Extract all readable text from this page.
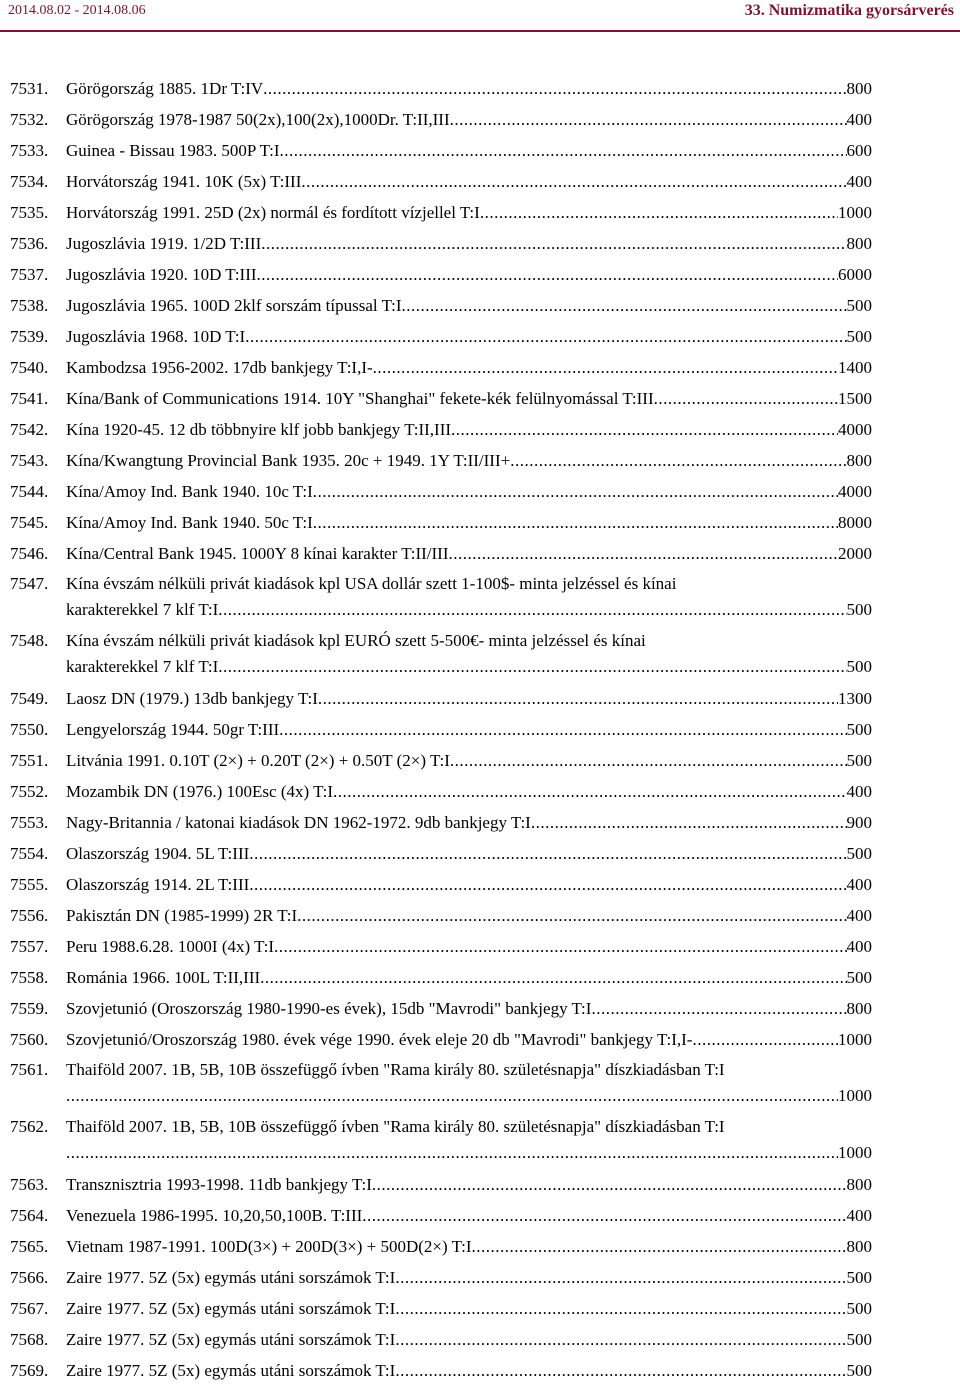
2014.08.02 - 2014.08.06	33. Numizmatika gyorsárverés
7531.	Görögország 1885. 1Dr T:IV .....	800
7532.	Görögország 1978-1987 50(2x),100(2x),1000Dr. T:II,III .....	400
7533.	Guinea - Bissau 1983. 500P T:I .....	600
7534.	Horvátország 1941. 10K (5x) T:III .....	400
7535.	Horvátország 1991. 25D (2x) normál és fordított vízjellel T:I .....	1000
7536.	Jugoszlávia 1919. 1/2D T:III .....	800
7537.	Jugoszlávia 1920. 10D T:III .....	6000
7538.	Jugoszlávia 1965. 100D 2klf sorszám típussal T:I .....	500
7539.	Jugoszlávia 1968. 10D T:I .....	500
7540.	Kambodzsa 1956-2002. 17db bankjegy T:I,I- .....	1400
7541.	Kína/Bank of Communications 1914. 10Y "Shanghai" fekete-kék felülnyomással T:III .....	1500
7542.	Kína 1920-45. 12 db többnyire klf jobb bankjegy T:II,III .....	4000
7543.	Kína/Kwangtung Provincial Bank 1935. 20c + 1949. 1Y T:II/III+ .....	800
7544.	Kína/Amoy Ind. Bank 1940. 10c T:I .....	4000
7545.	Kína/Amoy Ind. Bank 1940. 50c T:I .....	8000
7546.	Kína/Central Bank 1945. 1000Y 8 kínai karakter T:II/III .....	2000
7547.	Kína évszám nélküli privát kiadások kpl USA dollár szett 1-100$- minta jelzéssel és kínai
karakterekkel 7 klf T:I .....	500
7548.	Kína évszám nélküli privát kiadások kpl EURÓ szett 5-500€- minta jelzéssel és kínai
karakterekkel 7 klf T:I .....	500
7549.	Laosz DN (1979.) 13db bankjegy T:I .....	1300
7550.	Lengyelország 1944. 50gr T:III .....	500
7551.	Litvánia 1991. 0.10T (2×) + 0.20T (2×) + 0.50T (2×) T:I .....	500
7552.	Mozambik DN (1976.) 100Esc (4x) T:I .....	400
7553.	Nagy-Britannia / katonai kiadások DN 1962-1972. 9db bankjegy T:I .....	900
7554.	Olaszország 1904. 5L T:III .....	500
7555.	Olaszország 1914. 2L T:III .....	400
7556.	Pakisztán DN (1985-1999) 2R T:I .....	400
7557.	Peru 1988.6.28. 1000I (4x) T:I .....	400
7558.	Románia 1966. 100L T:II,III .....	500
7559.	Szovjetunió (Oroszország 1980-1990-es évek), 15db "Mavrodi" bankjegy T:I .....	800
7560.	Szovjetunió/Oroszország 1980. évek vége 1990. évek eleje 20 db "Mavrodi" bankjegy T:I,I- .....	1000
7561.	Thaiföld 2007. 1B, 5B, 10B összefüggő ívben "Rama király 80. születésnapja" díszkiadásban T:I
.....
1000
7562.	Thaiföld 2007. 1B, 5B, 10B összefüggő ívben "Rama király 80. születésnapja" díszkiadásban T:I
.....
1000
7563.	Transznisztria 1993-1998. 11db bankjegy T:I .....	800
7564.	Venezuela 1986-1995. 10,20,50,100B. T:III .....	400
7565.	Vietnam 1987-1991. 100D(3×) + 200D(3×) + 500D(2×) T:I .....	800
7566.	Zaire 1977. 5Z (5x) egymás utáni sorszámok T:I .....	500
7567.	Zaire 1977. 5Z (5x) egymás utáni sorszámok T:I .....	500
7568.	Zaire 1977. 5Z (5x) egymás utáni sorszámok T:I .....	500
7569.	Zaire 1977. 5Z (5x) egymás utáni sorszámok T:I .....	500
